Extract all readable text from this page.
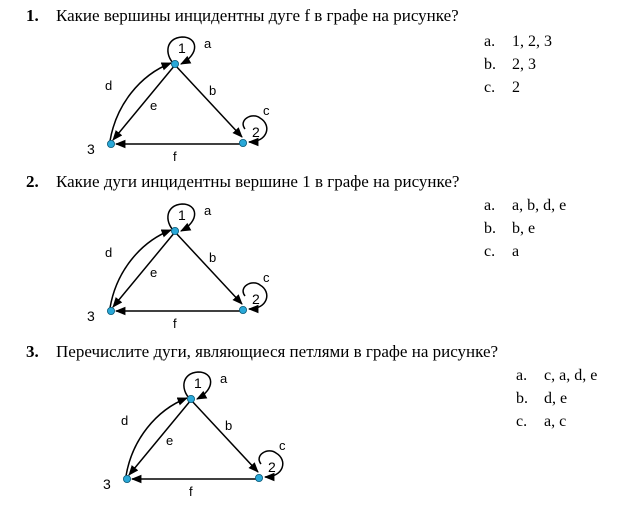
1. Какие вершины инцидентны дуге f в графе на рисунке?
a. 1, 2, 3
b. 2, 3
c. 2
1
2
3
a
b
c
d
e
f
2. Какие дуги инцидентны вершине 1 в графе на рисунке?
a. a, b, d, e
b. b, e
c. a
1
2
3
a
b
c
d
e
f
3. Перечислите дуги, являющиеся петлями в графе на рисунке?
a. c, a, d, e
b. d, e
c. a, c
1
2
3
a
b
c
d
e
f
